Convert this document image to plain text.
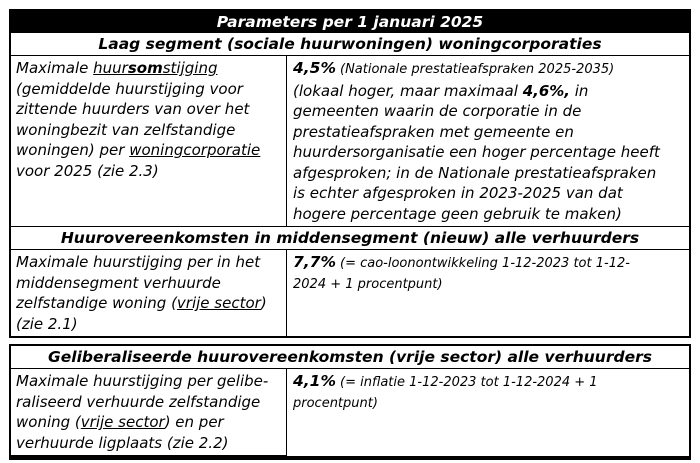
Parameters per 1 januari 2025
Laag segment (sociale huurwoningen) woningcorporaties
Maximale huursomstijging
(gemiddelde huurstijging voor
zittende huurders van over het
woningbezit van zelfstandige
woningen) per woningcorporatie
voor 2025 (zie 2.3)
4,5% (Nationale prestatieafspraken 2025-2035)
(lokaal hoger, maar maximaal 4,6%, in
gemeenten waarin de corporatie in de
prestatieafspraken met gemeente en
huurdersorganisatie een hoger percentage heeft
afgesproken; in de Nationale prestatieafspraken
is echter afgesproken in 2023-2025 van dat
hogere percentage geen gebruik te maken)
Huurovereenkomsten in middensegment (nieuw) alle verhuurders
Maximale huurstijging per in het
middensegment verhuurde
zelfstandige woning (vrije sector)
(zie 2.1)
7,7% (= cao-loonontwikkeling 1-12-2023 tot 1-12-
2024 + 1 procentpunt)
Geliberaliseerde huurovereenkomsten (vrije sector) alle verhuurders
Maximale huurstijging per gelibe-
raliseerd verhuurde zelfstandige
woning (vrije sector) en per
verhuurde ligplaats (zie 2.2)
4,1% (= inflatie 1-12-2023 tot 1-12-2024 + 1
procentpunt)
